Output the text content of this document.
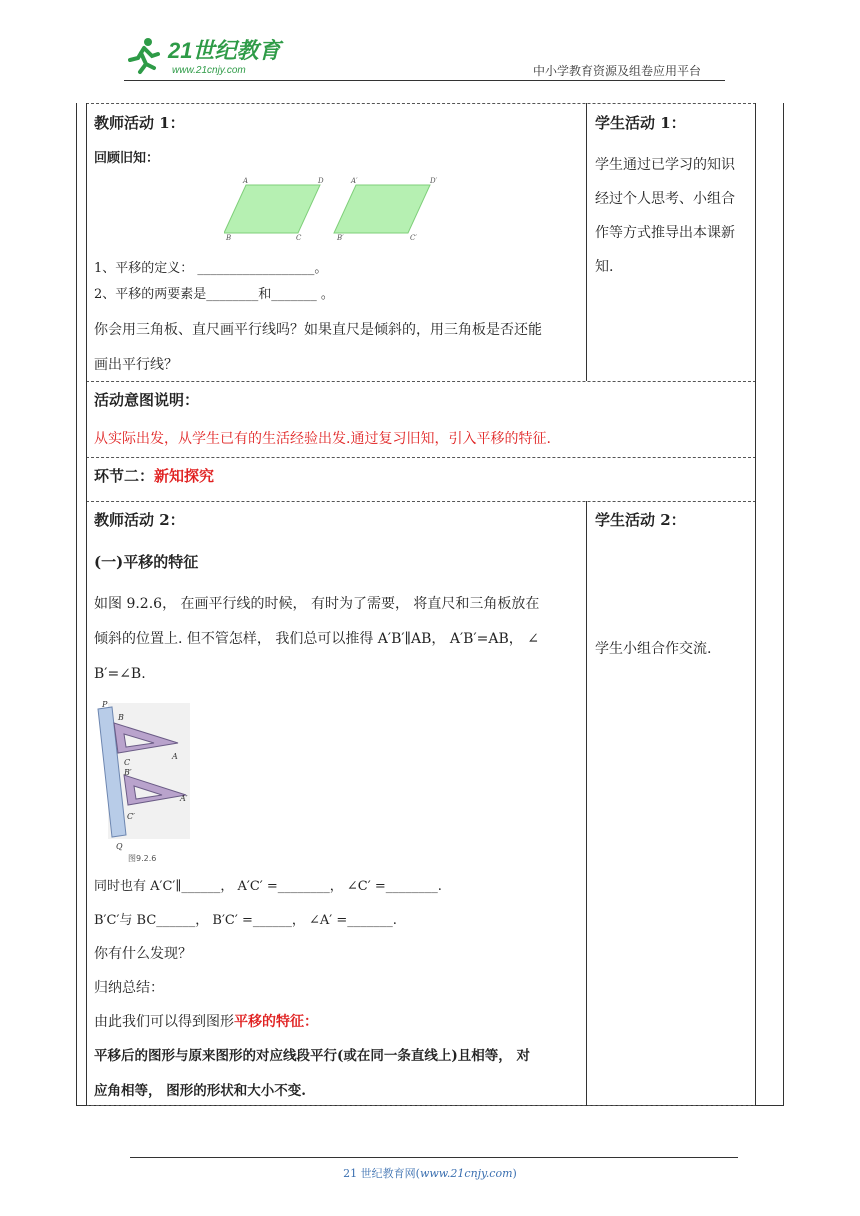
21世纪教育
www.21cnjy.com	中小学教育资源及组卷应用平台
教师活动 1：
回顾旧知：
A	D
B	C
A′	D′
B′	C′
1、平移的定义： __________________。
2、平移的两要素是________和_______ 。
你会用三角板、直尺画平行线吗？如果直尺是倾斜的，用三角板是否还能
画出平行线？
学生活动 1：
学生通过已学习的知识
经过个人思考、小组合
作等方式推导出本课新
知.
活动意图说明：
从实际出发，从学生已有的生活经验出发.通过复习旧知，引入平移的特征.
环节二：新知探究
教师活动 2：
(一)平移的特征
如图 9.2.6， 在画平行线的时候， 有时为了需要， 将直尺和三角板放在
倾斜的位置上. 但不管怎样， 我们总可以推得 A′B′∥AB， A′B′=AB， ∠
B′=∠B.
P
B
A
C
B′
A′
C′
Q
图9.2.6
同时也有 A′C′∥______， A′C′ =________， ∠C′ =________.
B′C′与 BC______， B′C′ =______， ∠A′ =_______.
你有什么发现？
归纳总结：
由此我们可以得到图形平移的特征：
平移后的图形与原来图形的对应线段平行(或在同一条直线上)且相等， 对
应角相等， 图形的形状和大小不变.
学生活动 2：
学生小组合作交流.
21 世纪教育网(www.21cnjy.com)
